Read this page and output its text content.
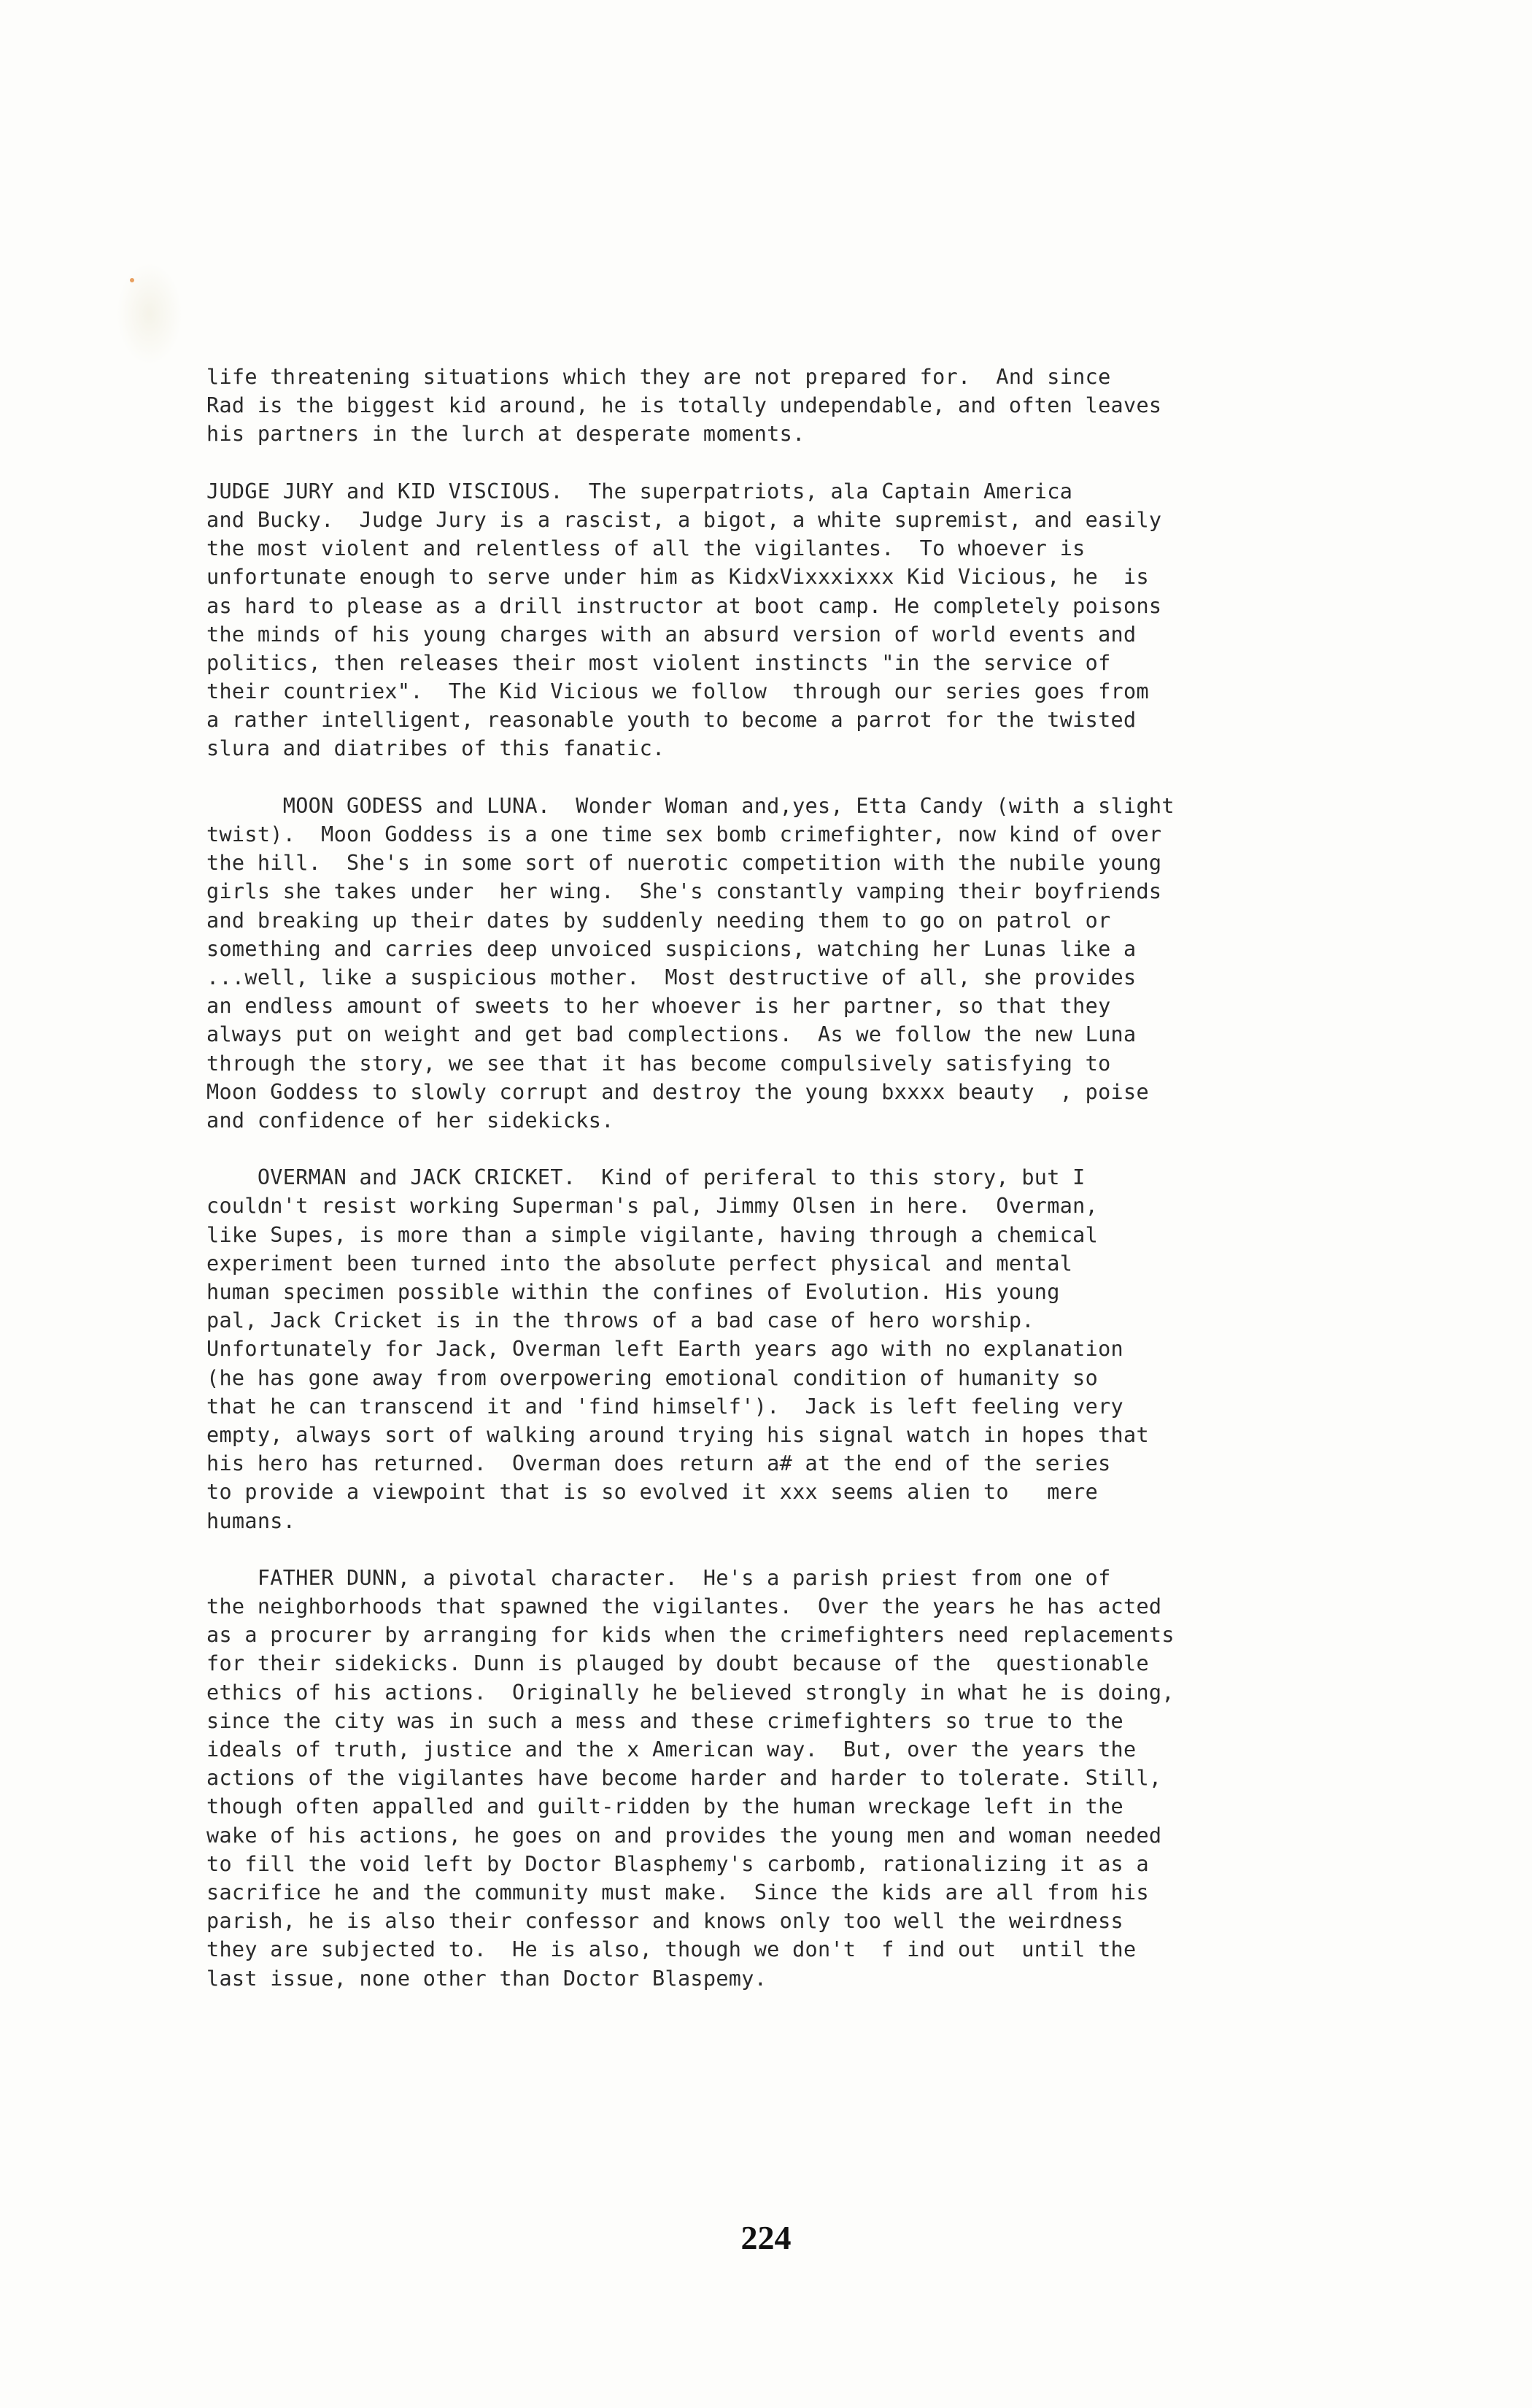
life threatening situations which they are not prepared for.  And since
Rad is the biggest kid around, he is totally undependable, and often leaves
his partners in the lurch at desperate moments.
JUDGE JURY and KID VISCIOUS.  The superpatriots, ala Captain America
and Bucky.  Judge Jury is a rascist, a bigot, a white supremist, and easily
the most violent and relentless of all the vigilantes.  To whoever is
unfortunate enough to serve under him as KidxVixxxixxx Kid Vicious, he  is
as hard to please as a drill instructor at boot camp. He completely poisons
the minds of his young charges with an absurd version of world events and
politics, then releases their most violent instincts "in the service of
their countriex".  The Kid Vicious we follow  through our series goes from
a rather intelligent, reasonable youth to become a parrot for the twisted
slura and diatribes of this fanatic.
MOON GODESS and LUNA.  Wonder Woman and,yes, Etta Candy (with a slight
twist).  Moon Goddess is a one time sex bomb crimefighter, now kind of over
the hill.  She's in some sort of nuerotic competition with the nubile young
girls she takes under  her wing.  She's constantly vamping their boyfriends
and breaking up their dates by suddenly needing them to go on patrol or
something and carries deep unvoiced suspicions, watching her Lunas like a
...well, like a suspicious mother.  Most destructive of all, she provides
an endless amount of sweets to her whoever is her partner, so that they
always put on weight and get bad complections.  As we follow the new Luna
through the story, we see that it has become compulsively satisfying to
Moon Goddess to slowly corrupt and destroy the young bxxxx beauty  , poise
and confidence of her sidekicks.
OVERMAN and JACK CRICKET.  Kind of periferal to this story, but I
couldn't resist working Superman's pal, Jimmy Olsen in here.  Overman,
like Supes, is more than a simple vigilante, having through a chemical
experiment been turned into the absolute perfect physical and mental
human specimen possible within the confines of Evolution. His young
pal, Jack Cricket is in the throws of a bad case of hero worship.
Unfortunately for Jack, Overman left Earth years ago with no explanation
(he has gone away from overpowering emotional condition of humanity so
that he can transcend it and 'find himself').  Jack is left feeling very
empty, always sort of walking around trying his signal watch in hopes that
his hero has returned.  Overman does return a# at the end of the series
to provide a viewpoint that is so evolved it xxx seems alien to   mere
humans.
FATHER DUNN, a pivotal character.  He's a parish priest from one of
the neighborhoods that spawned the vigilantes.  Over the years he has acted
as a procurer by arranging for kids when the crimefighters need replacements
for their sidekicks. Dunn is plauged by doubt because of the  questionable
ethics of his actions.  Originally he believed strongly in what he is doing,
since the city was in such a mess and these crimefighters so true to the
ideals of truth, justice and the x American way.  But, over the years the
actions of the vigilantes have become harder and harder to tolerate. Still,
though often appalled and guilt-ridden by the human wreckage left in the
wake of his actions, he goes on and provides the young men and woman needed
to fill the void left by Doctor Blasphemy's carbomb, rationalizing it as a
sacrifice he and the community must make.  Since the kids are all from his
parish, he is also their confessor and knows only too well the weirdness
they are subjected to.  He is also, though we don't  f ind out  until the
last issue, none other than Doctor Blaspemy.
224
